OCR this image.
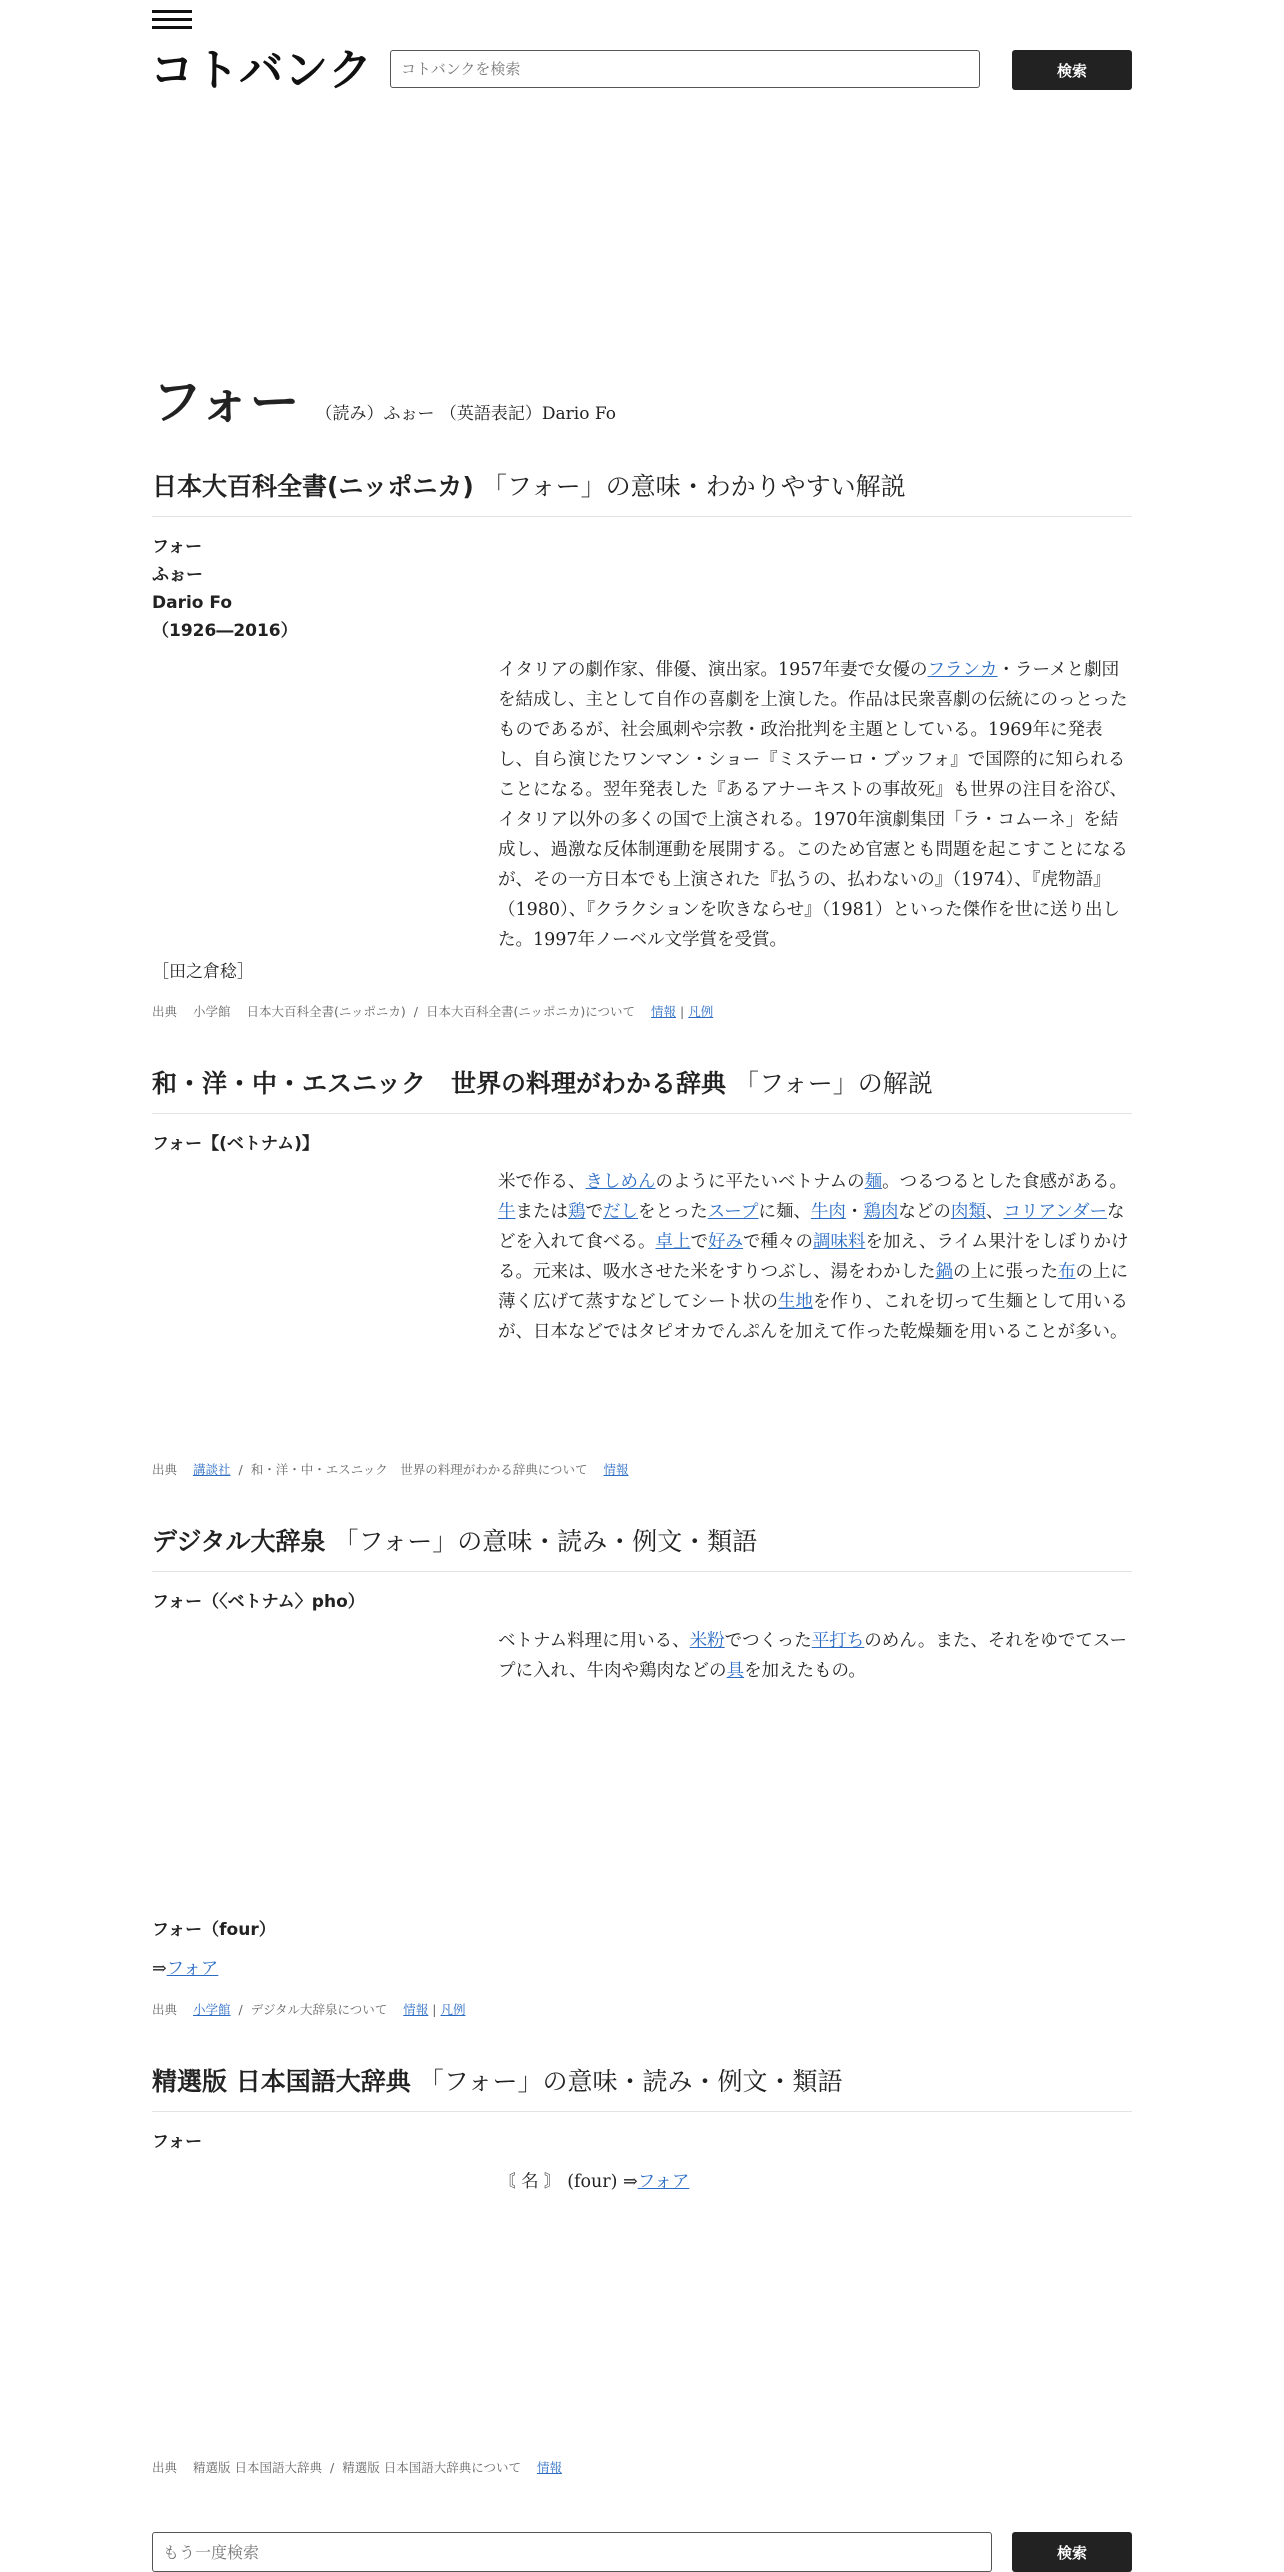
コトバンク
コトバンクを検索	検索
フォー （読み）ふぉー （英語表記）Dario Fo
日本大百科全書(ニッポニカ) 「フォー」の意味・わかりやすい解説
フォー
ふぉー
Dario Fo
（1926―2016）
イタリアの劇作家、俳優、演出家。1957年妻で女優のフランカ・ラーメと劇団を結成し、主として自作の喜劇を上演した。作品は民衆喜劇の伝統にのっとったものであるが、社会風刺や宗教・政治批判を主題としている。1969年に発表し、自ら演じたワンマン・ショー『ミステーロ・ブッフォ』で国際的に知られることになる。翌年発表した『あるアナーキストの事故死』も世界の注目を浴び、イタリア以外の多くの国で上演される。1970年演劇集団「ラ・コムーネ」を結成し、過激な反体制運動を展開する。このため官憲とも問題を起こすことになるが、その一方日本でも上演された『払うの、払わないの』（1974）、『虎物語』（1980）、『クラクションを吹きならせ』（1981）といった傑作を世に送り出した。1997年ノーベル文学賞を受賞。
［田之倉稔］
出典 小学館 日本大百科全書(ニッポニカ) / 日本大百科全書(ニッポニカ)について 情報 | 凡例
和・洋・中・エスニック　世界の料理がわかる辞典 「フォー」の解説
フォー【(ベトナム)】
米で作る、きしめんのように平たいベトナムの麺。つるつるとした食感がある。牛または鶏でだしをとったスープに麺、牛肉・鶏肉などの肉類、コリアンダーなどを入れて食べる。卓上で好みで種々の調味料を加え、ライム果汁をしぼりかける。元来は、吸水させた米をすりつぶし、湯をわかした鍋の上に張った布の上に薄く広げて蒸すなどしてシート状の生地を作り、これを切って生麺として用いるが、日本などではタピオカでんぷんを加えて作った乾燥麺を用いることが多い。
出典 講談社 / 和・洋・中・エスニック　世界の料理がわかる辞典について 情報
デジタル大辞泉 「フォー」の意味・読み・例文・類語
フォー（〈ベトナム〉pho）
ベトナム料理に用いる、米粉でつくった平打ちのめん。また、それをゆでてスープに入れ、牛肉や鶏肉などの具を加えたもの。
フォー（four）
⇒フォア
出典 小学館 / デジタル大辞泉について 情報 | 凡例
精選版 日本国語大辞典 「フォー」の意味・読み・例文・類語
フォー
〘 名 〙 (four) ⇒フォア
出典 精選版 日本国語大辞典 / 精選版 日本国語大辞典について 情報
もう一度検索
検索
